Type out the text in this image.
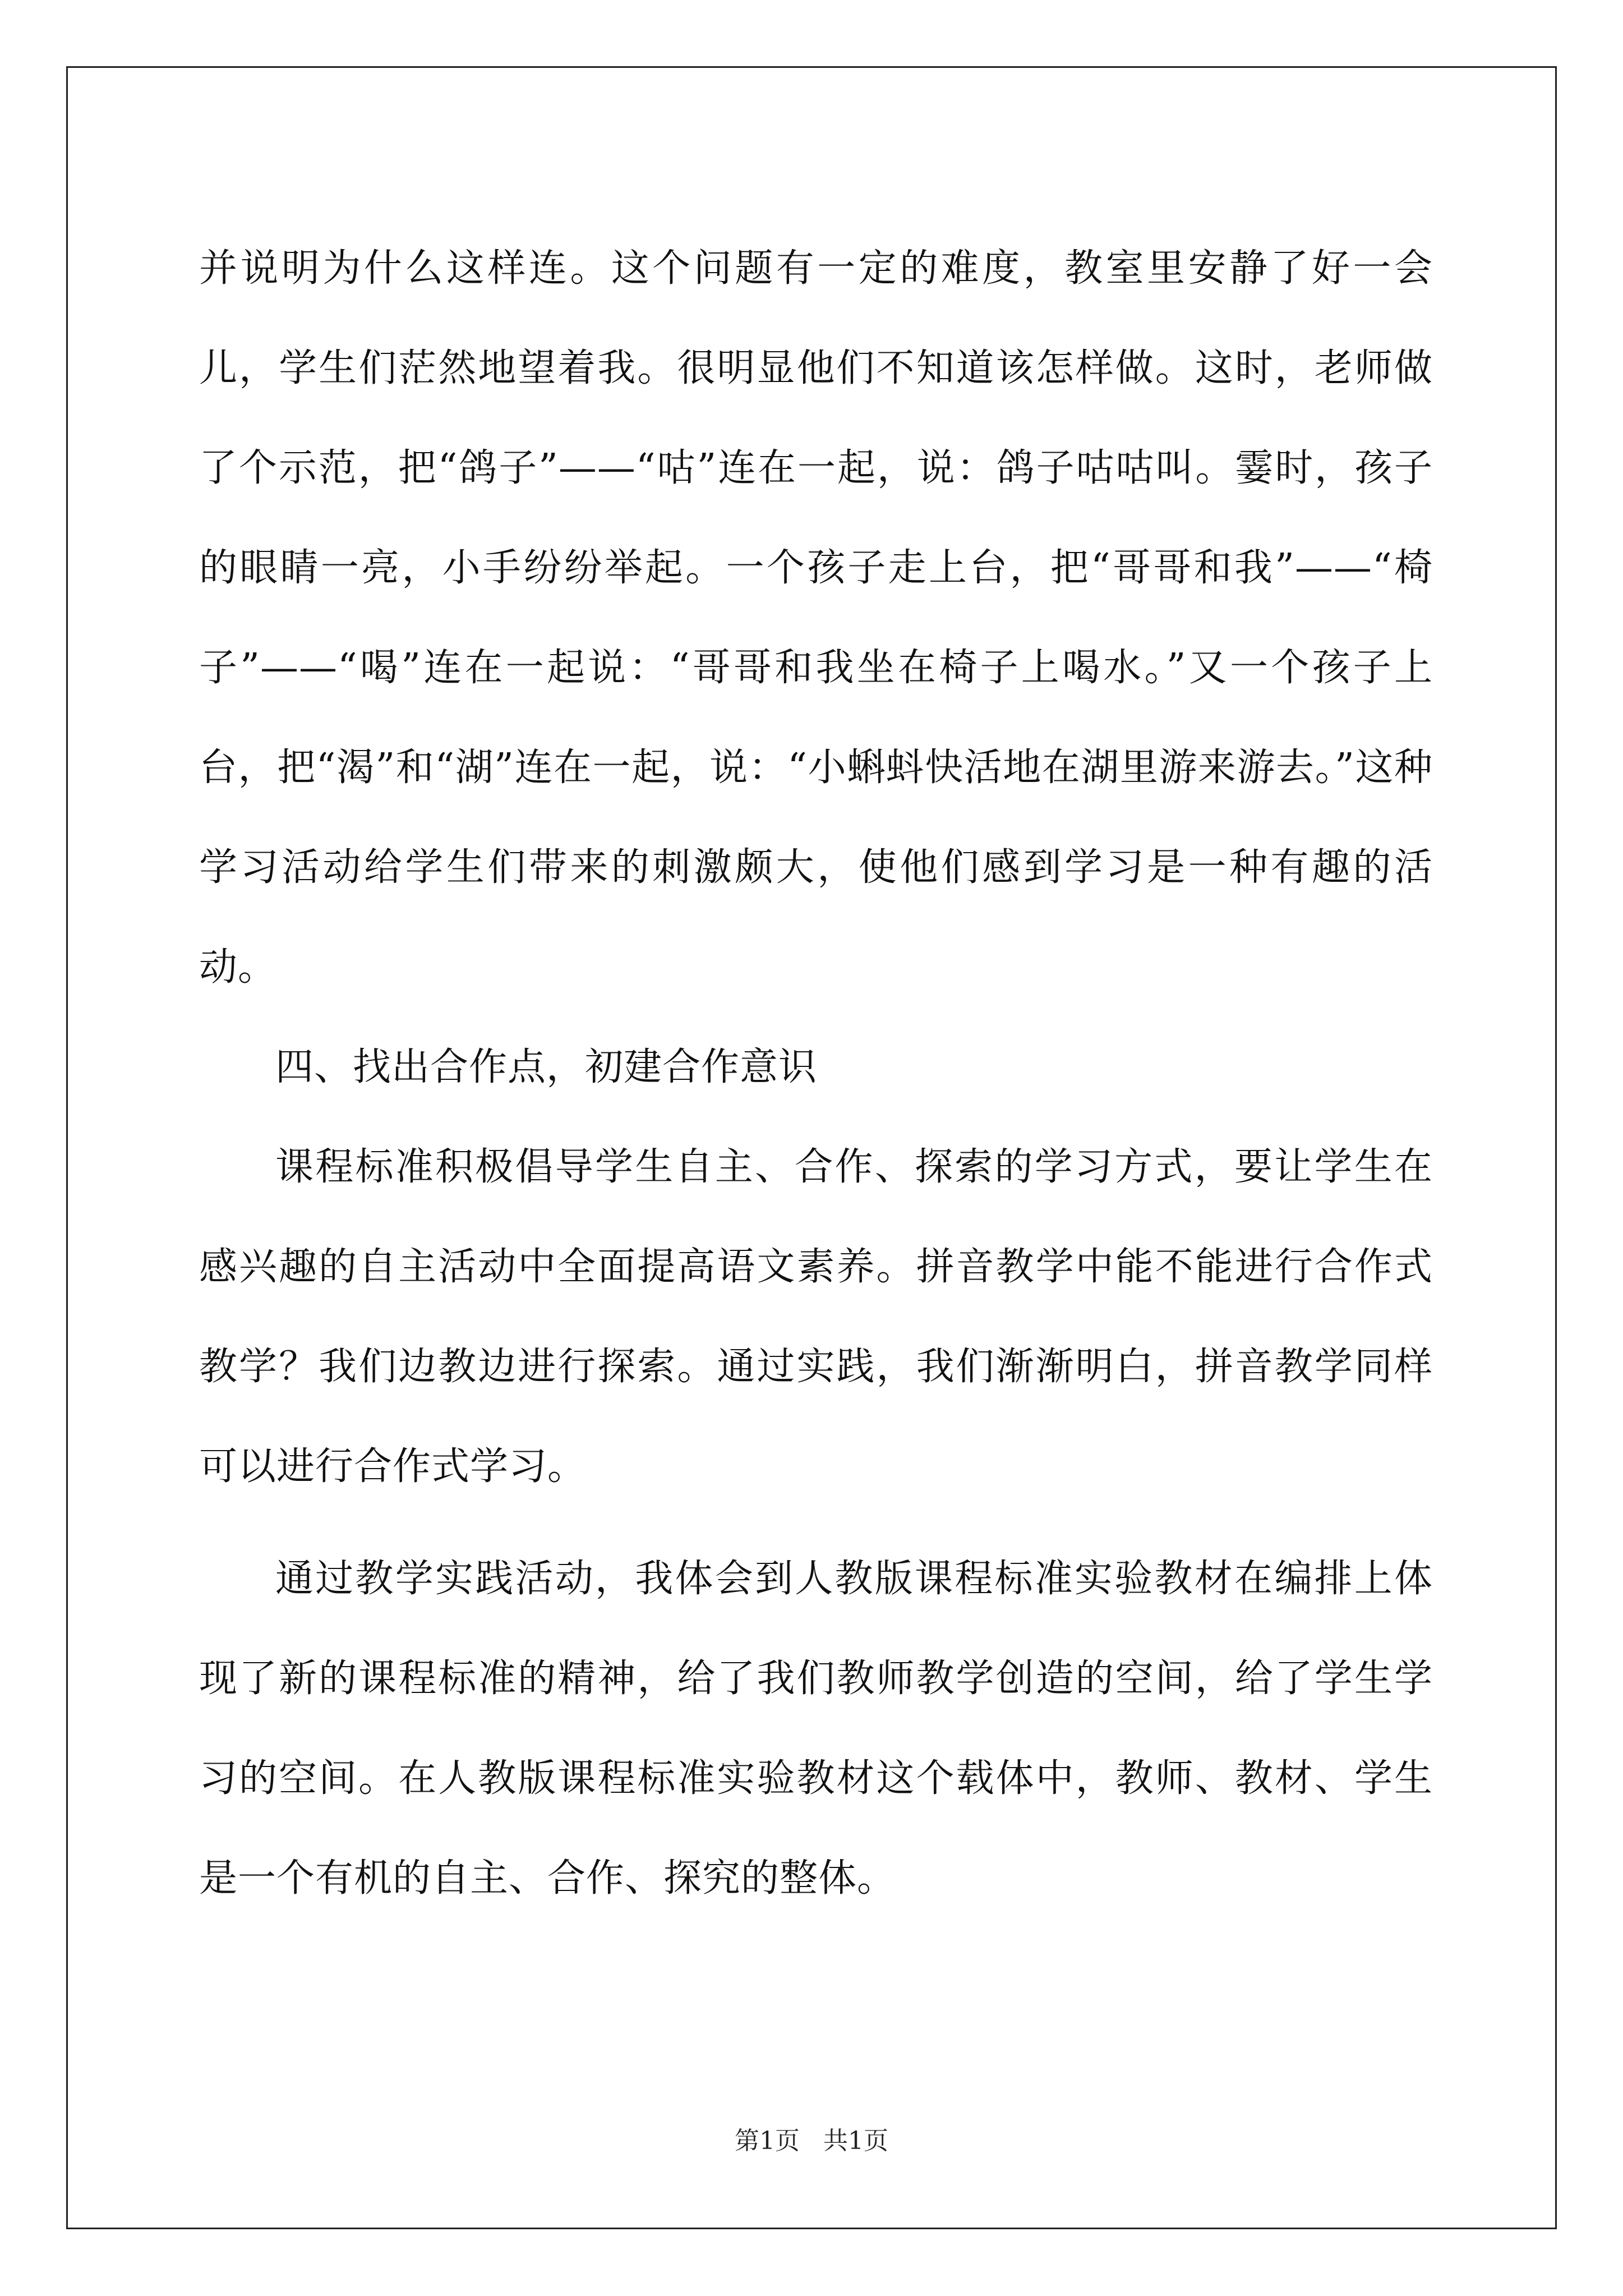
并说明为什么这样连。这个问题有一定的难度，教室里安静了好一会儿，学生们茫然地望着我。很明显他们不知道该怎样做。这时，老师做了个示范，把“鸽子”——“咕”连在一起，说：鸽子咕咕叫。霎时，孩子的眼睛一亮，小手纷纷举起。一个孩子走上台，把“哥哥和我”——“椅子”——“喝”连在一起说：“哥哥和我坐在椅子上喝水。”又一个孩子上台，把“渴”和“湖”连在一起，说：“小蝌蚪快活地在湖里游来游去。”这种学习活动给学生们带来的刺激颇大，使他们感到学习是一种有趣的活动。

四、找出合作点，初建合作意识

课程标准积极倡导学生自主、合作、探索的学习方式，要让学生在感兴趣的自主活动中全面提高语文素养。拼音教学中能不能进行合作式教学？我们边教边进行探索。通过实践，我们渐渐明白，拼音教学同样可以进行合作式学习。

通过教学实践活动，我体会到人教版课程标准实验教材在编排上体现了新的课程标准的精神，给了我们教师教学创造的空间，给了学生学习的空间。在人教版课程标准实验教材这个载体中，教师、教材、学生是一个有机的自主、合作、探究的整体。

第1页 共1页
